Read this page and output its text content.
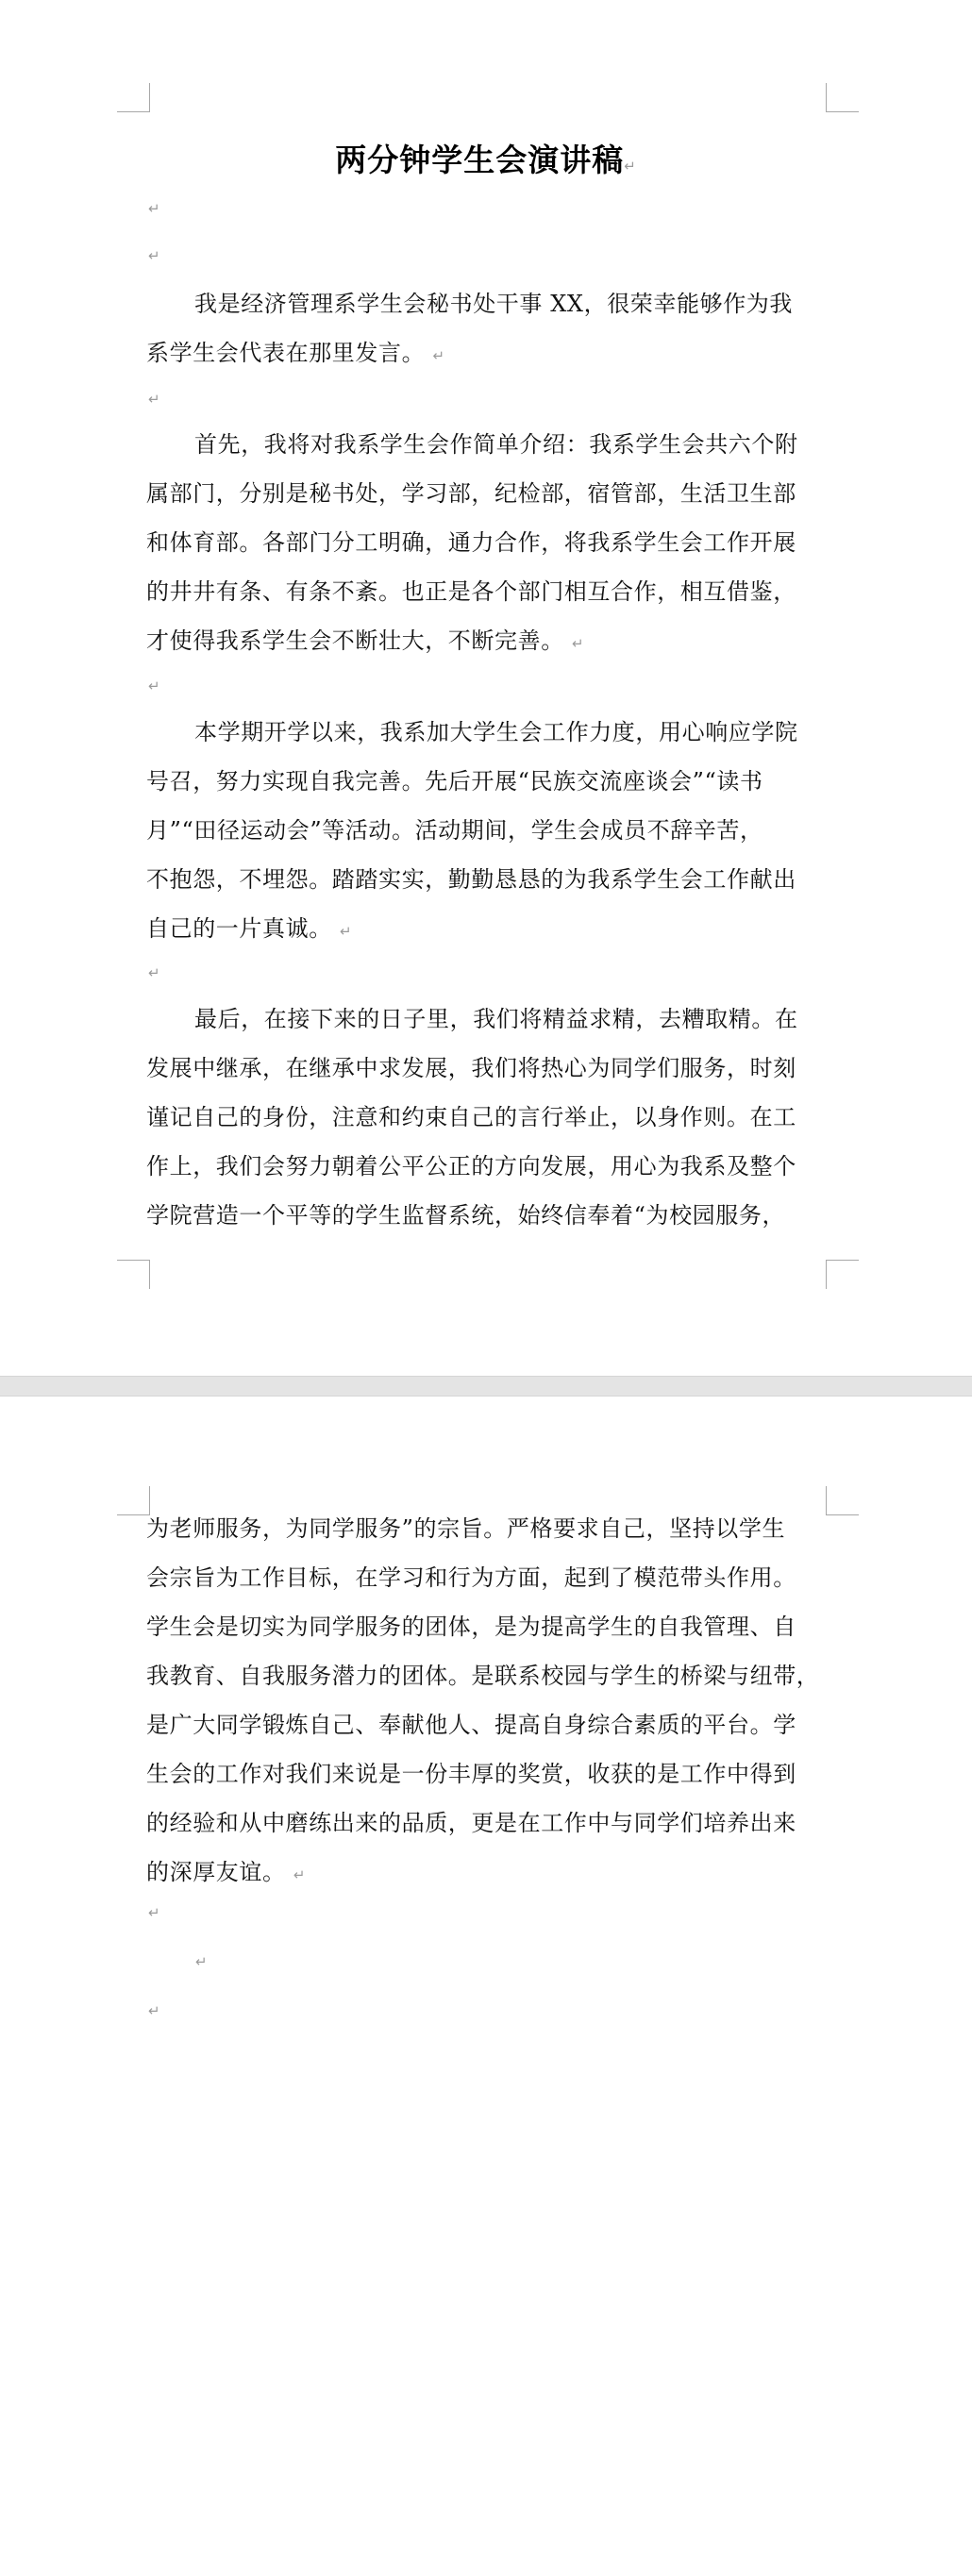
两分钟学生会演讲稿↵
↵
↵
我是经济管理系学生会秘书处干事 XX，很荣幸能够作为我
系学生会代表在那里发言。 ↵
↵
首先，我将对我系学生会作简单介绍：我系学生会共六个附
属部门，分别是秘书处，学习部，纪检部，宿管部，生活卫生部
和体育部。各部门分工明确，通力合作，将我系学生会工作开展
的井井有条、有条不紊。也正是各个部门相互合作，相互借鉴，
才使得我系学生会不断壮大，不断完善。 ↵
↵
本学期开学以来，我系加大学生会工作力度，用心响应学院
号召，努力实现自我完善。先后开展“民族交流座谈会”“读书
月”“田径运动会”等活动。活动期间，学生会成员不辞辛苦，
不抱怨，不埋怨。踏踏实实，勤勤恳恳的为我系学生会工作献出
自己的一片真诚。 ↵
↵
最后，在接下来的日子里，我们将精益求精，去糟取精。在
发展中继承，在继承中求发展，我们将热心为同学们服务，时刻
谨记自己的身份，注意和约束自己的言行举止，以身作则。在工
作上，我们会努力朝着公平公正的方向发展，用心为我系及整个
学院营造一个平等的学生监督系统，始终信奉着“为校园服务，
为老师服务，为同学服务”的宗旨。严格要求自己，坚持以学生
会宗旨为工作目标，在学习和行为方面，起到了模范带头作用。
学生会是切实为同学服务的团体，是为提高学生的自我管理、自
我教育、自我服务潜力的团体。是联系校园与学生的桥梁与纽带，
是广大同学锻炼自己、奉献他人、提高自身综合素质的平台。学
生会的工作对我们来说是一份丰厚的奖赏，收获的是工作中得到
的经验和从中磨练出来的品质，更是在工作中与同学们培养出来
的深厚友谊。 ↵
↵
↵
↵
